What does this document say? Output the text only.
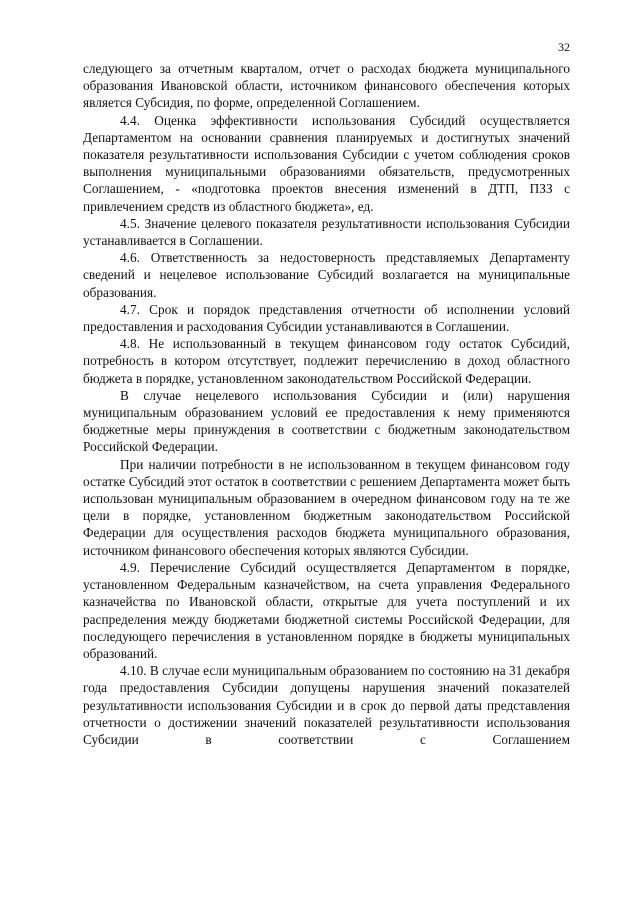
32

следующего за отчетным кварталом, отчет о расходах бюджета муниципального образования Ивановской области, источником финансового обеспечения которых является Субсидия, по форме, определенной Соглашением.

4.4. Оценка эффективности использования Субсидий осуществляется Департаментом на основании сравнения планируемых и достигнутых значений показателя результативности использования Субсидии с учетом соблюдения сроков выполнения муниципальными образованиями обязательств, предусмотренных Соглашением, - «подготовка проектов внесения изменений в ДТП, ПЗЗ с привлечением средств из областного бюджета», ед.

4.5. Значение целевого показателя результативности использования Субсидии устанавливается в Соглашении.

4.6. Ответственность за недостоверность представляемых Департаменту сведений и нецелевое использование Субсидий возлагается на муниципальные образования.

4.7. Срок и порядок представления отчетности об исполнении условий предоставления и расходования Субсидии устанавливаются в Соглашении.

4.8. Не использованный в текущем финансовом году остаток Субсидий, потребность в котором отсутствует, подлежит перечислению в доход областного бюджета в порядке, установленном законодательством Российской Федерации.

В случае нецелевого использования Субсидии и (или) нарушения муниципальным образованием условий ее предоставления к нему применяются бюджетные меры принуждения в соответствии с бюджетным законодательством Российской Федерации.

При наличии потребности в не использованном в текущем финансовом году остатке Субсидий этот остаток в соответствии с решением Департамента может быть использован муниципальным образованием в очередном финансовом году на те же цели в порядке, установленном бюджетным законодательством Российской Федерации для осуществления расходов бюджета муниципального образования, источником финансового обеспечения которых являются Субсидии.

4.9. Перечисление Субсидий осуществляется Департаментом в порядке, установленном Федеральным казначейством, на счета управления Федерального казначейства по Ивановской области, открытые для учета поступлений и их распределения между бюджетами бюджетной системы Российской Федерации, для последующего перечисления в установленном порядке в бюджеты муниципальных образований.

4.10. В случае если муниципальным образованием по состоянию на 31 декабря года предоставления Субсидии допущены нарушения значений показателей результативности использования Субсидии и в срок до первой даты представления отчетности о достижении значений показателей результативности использования Субсидии в соответствии с Соглашением
